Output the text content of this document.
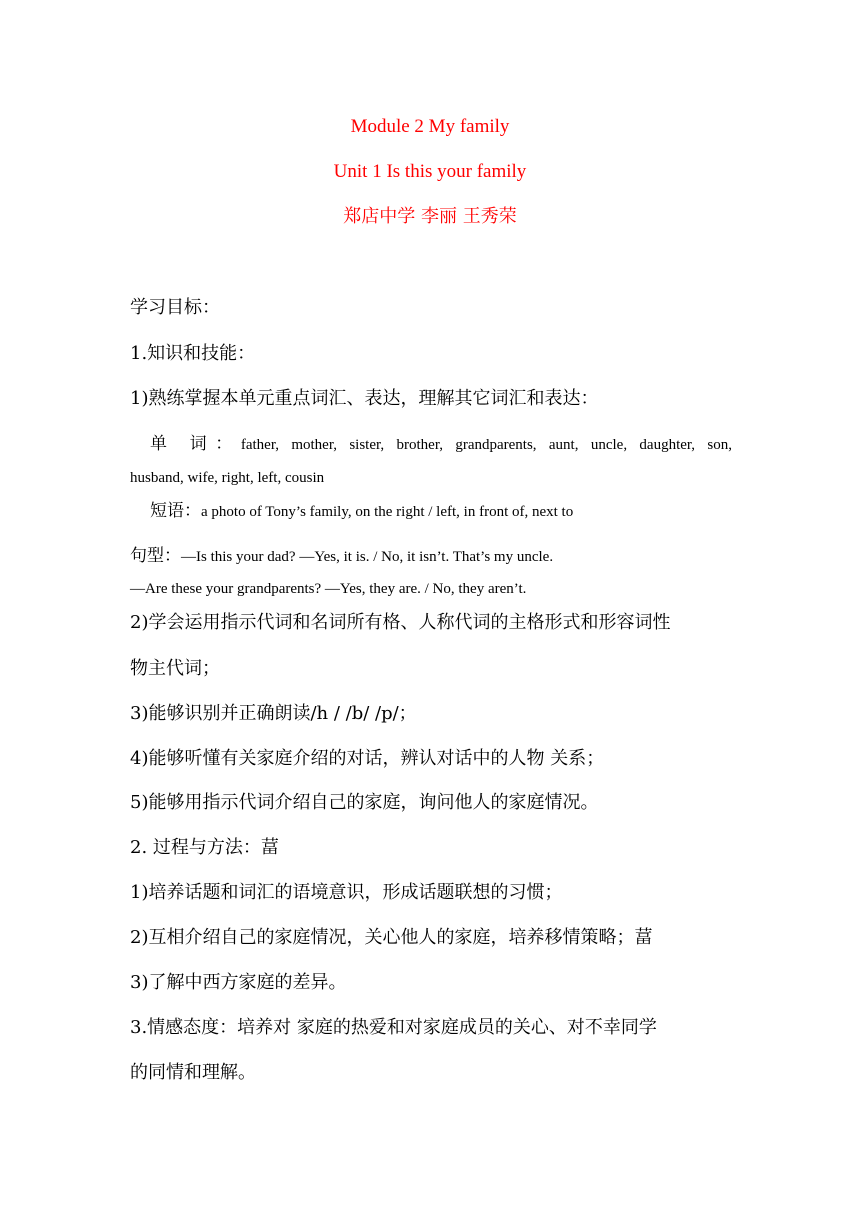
Module 2 My family
Unit 1 Is this your family
郑店中学 李丽 王秀荣
学习目标：
1.知识和技能：
1)熟练掌握本单元重点词汇、表达，理解其它词汇和表达：
单 词：father, mother, sister, brother, grandparents, aunt, uncle, daughter, son,
husband, wife, right, left, cousin
短语：a photo of Tony’s family, on the right / left, in front of, next to
句型：—Is this your dad? —Yes, it is. / No, it isn’t. That’s my uncle.
—Are these your grandparents? —Yes, they are. / No, they aren’t.
2)学会运用指示代词和名词所有格、人称代词的主格形式和形容词性
物主代词；
3)能够识别并正确朗读/h / /b/ /p/；
4)能够听懂有关家庭介绍的对话，辨认对话中的人物 关系；
5)能够用指示代词介绍自己的家庭，询问他人的家庭情况。
2. 过程与方法：葍
1)培养话题和词汇的语境意识，形成话题联想的习惯；
2)互相介绍自己的家庭情况，关心他人的家庭，培养移情策略；葍
3)了解中西方家庭的差异。
3.情感态度：培养对 家庭的热爱和对家庭成员的关心、对不幸同学
的同情和理解。
